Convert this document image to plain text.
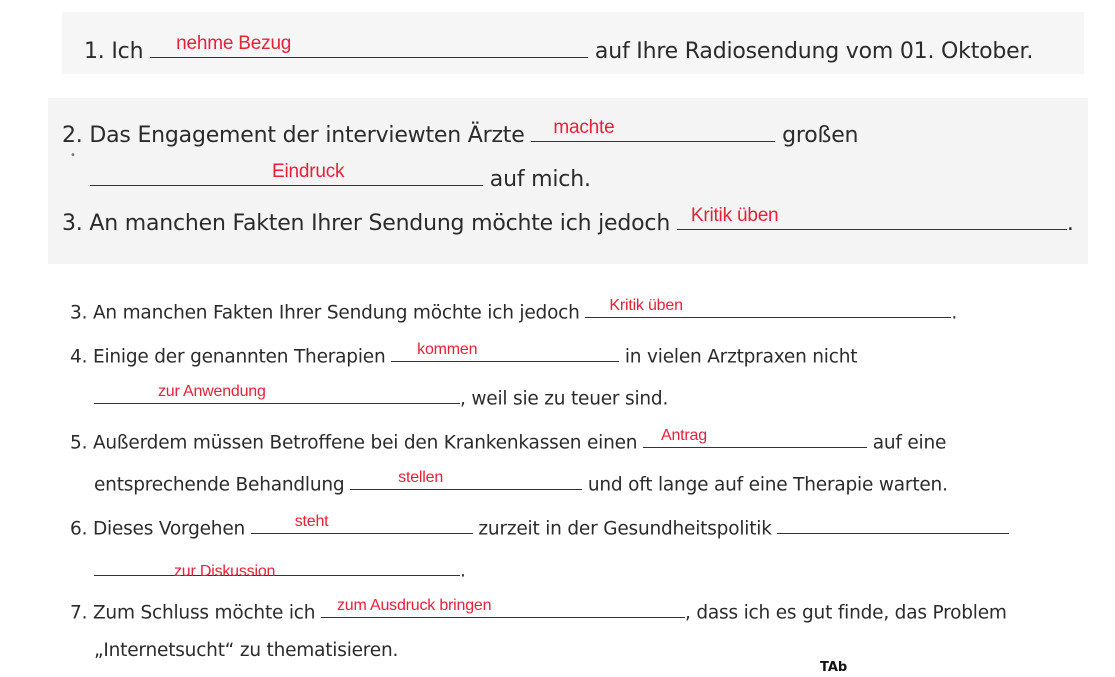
1. Ich nehme Bezug	auf Ihre Radiosendung vom 01. Oktober.
2. Das Engagement der interviewten Ärzte machte	großen
•
Eindruck	auf mich.
3. An manchen Fakten Ihrer Sendung möchte ich jedoch Kritik üben	.
3. An manchen Fakten Ihrer Sendung möchte ich jedoch Kritik üben	.
4. Einige der genannten Therapien kommen	in vielen Arztpraxen nicht
zur Anwendung	, weil sie zu teuer sind.
5. Außerdem müssen Betroffene bei den Krankenkassen einen Antrag	auf eine
entsprechende Behandlung	stellen	und oft lange auf eine Therapie warten.
6. Dieses Vorgehen	steht	zurzeit in der Gesundheitspolitik
zur Diskussion	.
7. Zum Schluss möchte ich zum Ausdruck bringen	, dass ich es gut finde, das Problem
„Internetsucht“ zu thematisieren.
TAb
